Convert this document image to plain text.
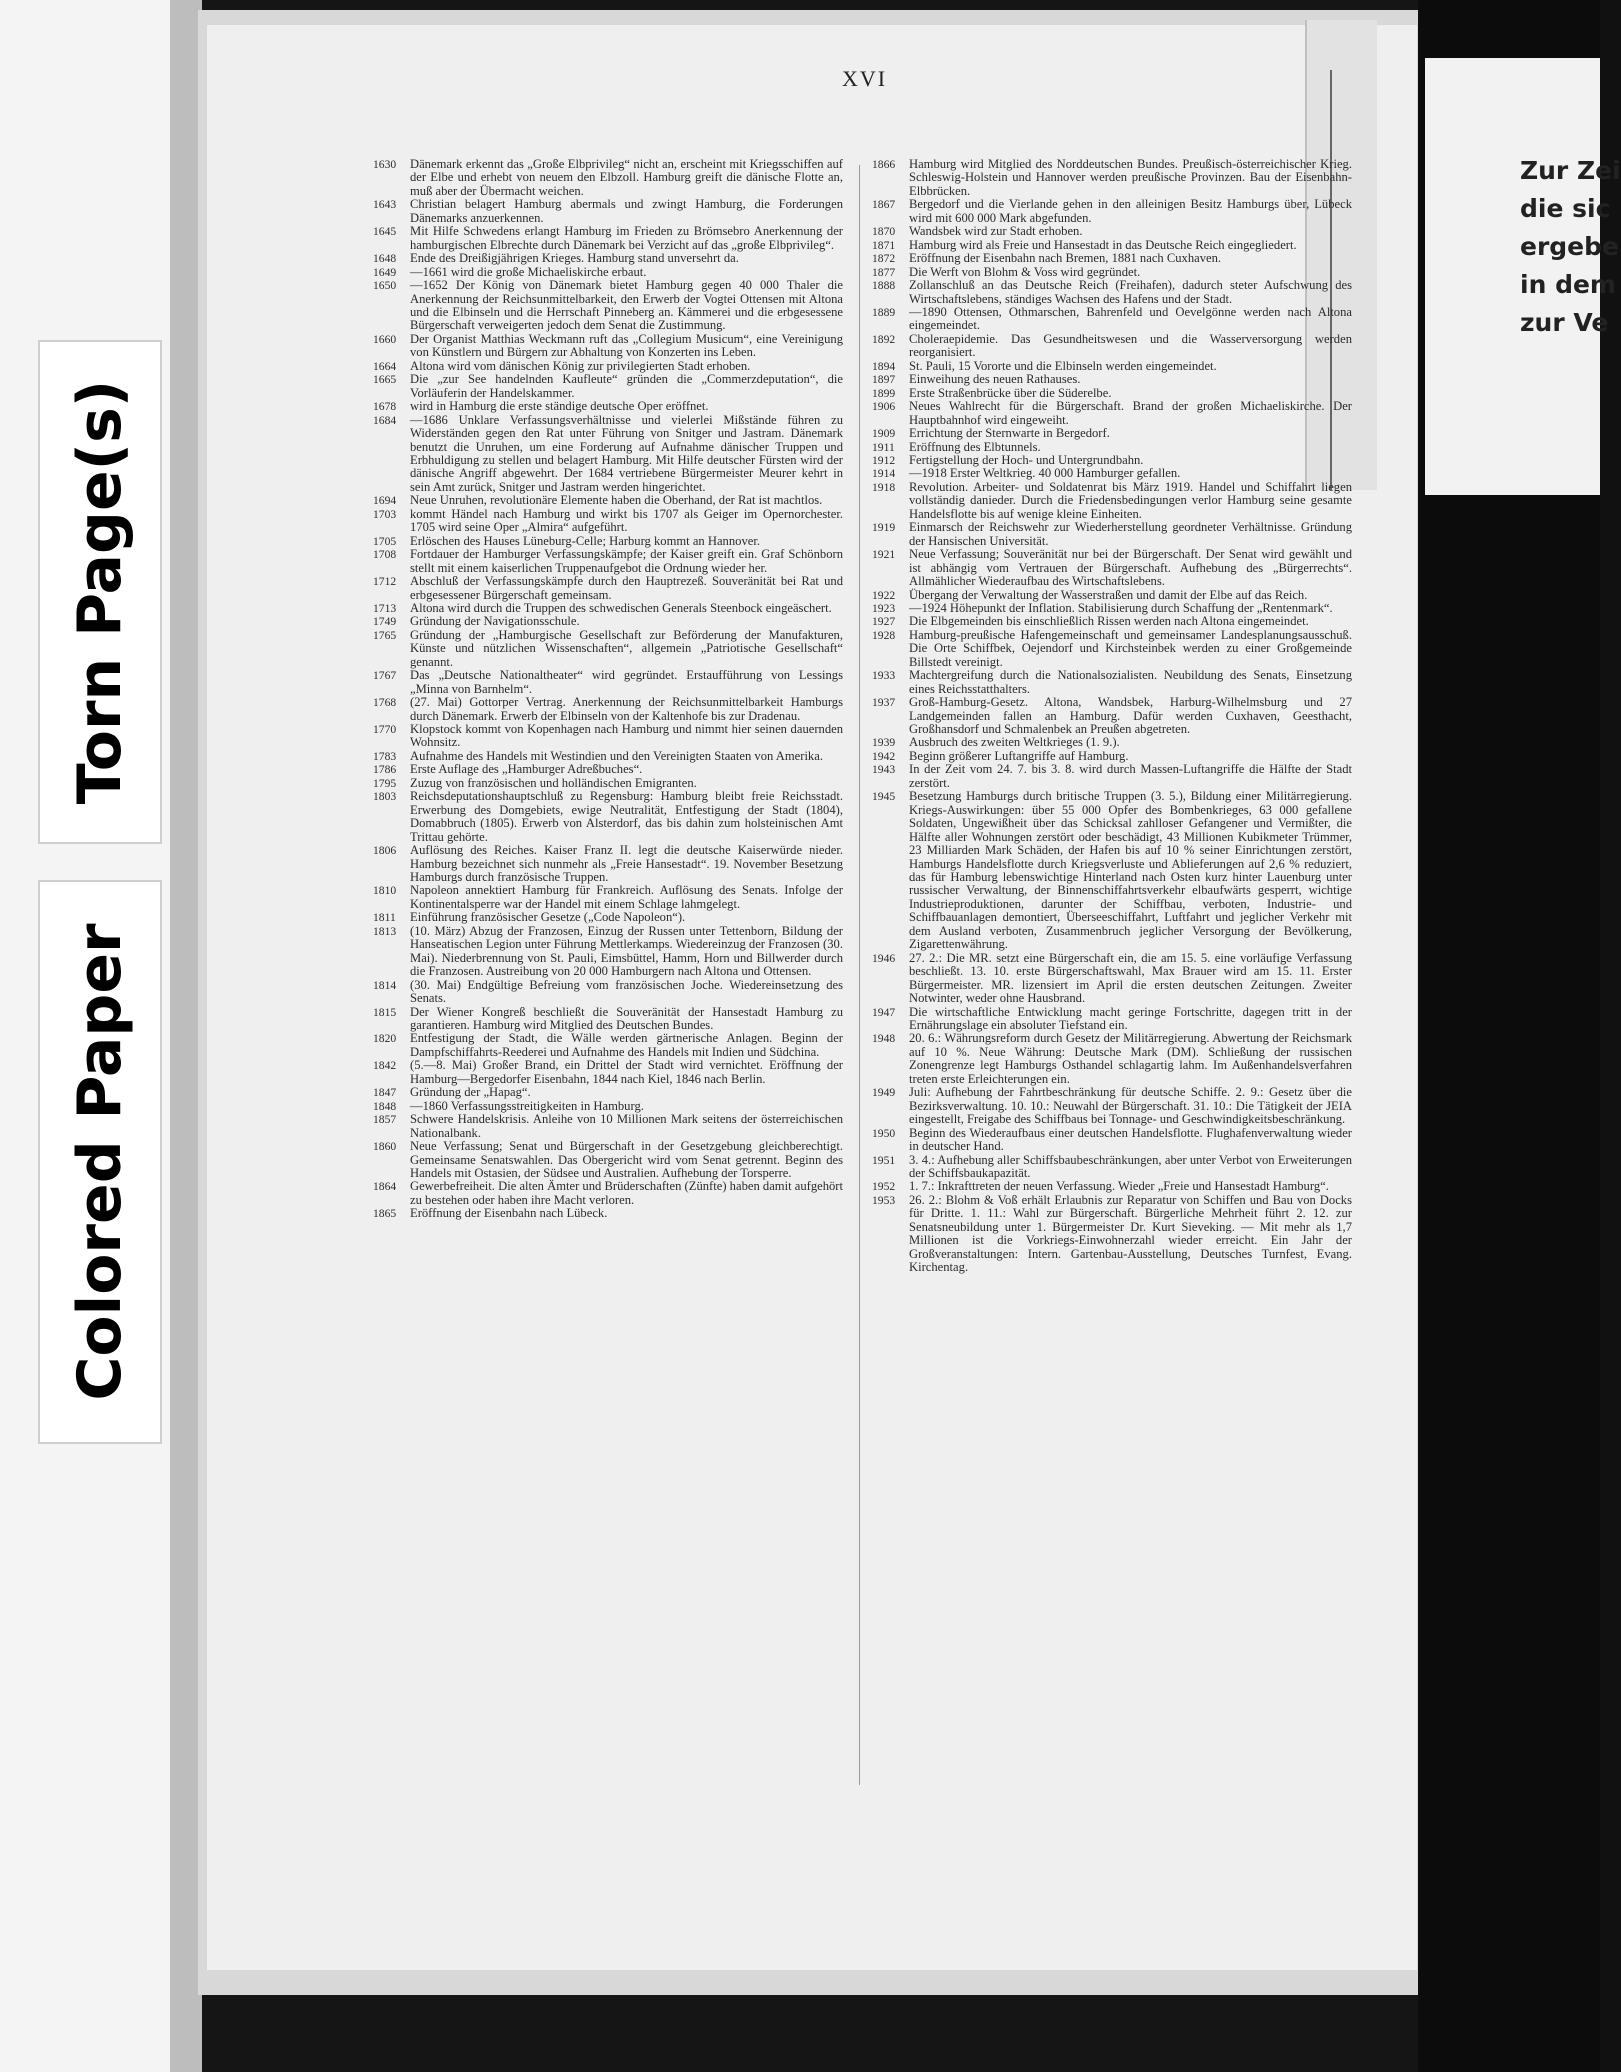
Torn Page(s)
Colored Paper
Zur Zei
die sic
ergebe
in dem
zur Ve
XVI
1630 Dänemark erkennt das „Große Elbprivileg“ nicht an, erscheint mit Kriegsschiffen auf der Elbe und erhebt von neuem den Elbzoll. Hamburg greift die dänische Flotte an, muß aber der Übermacht weichen.
1643 Christian belagert Hamburg abermals und zwingt Hamburg, die Forderungen Dänemarks anzuerkennen.
1645 Mit Hilfe Schwedens erlangt Hamburg im Frieden zu Brömsebro Anerkennung der hamburgischen Elbrechte durch Dänemark bei Verzicht auf das „große Elbprivileg“.
1648 Ende des Dreißigjährigen Krieges. Hamburg stand unversehrt da.
1649 —1661 wird die große Michaeliskirche erbaut.
1650 —1652 Der König von Dänemark bietet Hamburg gegen 40 000 Thaler die Anerkennung der Reichsunmittelbarkeit, den Erwerb der Vogtei Ottensen mit Altona und die Elbinseln und die Herrschaft Pinneberg an. Kämmerei und die erbgesessene Bürgerschaft verweigerten jedoch dem Senat die Zustimmung.
1660 Der Organist Matthias Weckmann ruft das „Collegium Musicum“, eine Vereinigung von Künstlern und Bürgern zur Abhaltung von Konzerten ins Leben.
1664 Altona wird vom dänischen König zur privilegierten Stadt erhoben.
1665 Die „zur See handelnden Kaufleute“ gründen die „Commerzdeputation“, die Vorläuferin der Handelskammer.
1678 wird in Hamburg die erste ständige deutsche Oper eröffnet.
1684 —1686 Unklare Verfassungsverhältnisse und vielerlei Mißstände führen zu Widerständen gegen den Rat unter Führung von Snitger und Jastram. Dänemark benutzt die Unruhen, um eine Forderung auf Aufnahme dänischer Truppen und Erbhuldigung zu stellen und belagert Hamburg. Mit Hilfe deutscher Fürsten wird der dänische Angriff abgewehrt. Der 1684 vertriebene Bürgermeister Meurer kehrt in sein Amt zurück, Snitger und Jastram werden hingerichtet.
1694 Neue Unruhen, revolutionäre Elemente haben die Oberhand, der Rat ist machtlos.
1703 kommt Händel nach Hamburg und wirkt bis 1707 als Geiger im Opernorchester. 1705 wird seine Oper „Almira“ aufgeführt.
1705 Erlöschen des Hauses Lüneburg-Celle; Harburg kommt an Hannover.
1708 Fortdauer der Hamburger Verfassungskämpfe; der Kaiser greift ein. Graf Schönborn stellt mit einem kaiserlichen Truppenaufgebot die Ordnung wieder her.
1712 Abschluß der Verfassungskämpfe durch den Hauptrezeß. Souveränität bei Rat und erbgesessener Bürgerschaft gemeinsam.
1713 Altona wird durch die Truppen des schwedischen Generals Steenbock eingeäschert.
1749 Gründung der Navigationsschule.
1765 Gründung der „Hamburgische Gesellschaft zur Beförderung der Manufakturen, Künste und nützlichen Wissenschaften“, allgemein „Patriotische Gesellschaft“ genannt.
1767 Das „Deutsche Nationaltheater“ wird gegründet. Erstaufführung von Lessings „Minna von Barnhelm“.
1768 (27. Mai) Gottorper Vertrag. Anerkennung der Reichsunmittelbarkeit Hamburgs durch Dänemark. Erwerb der Elbinseln von der Kaltenhofe bis zur Dradenau.
1770 Klopstock kommt von Kopenhagen nach Hamburg und nimmt hier seinen dauernden Wohnsitz.
1783 Aufnahme des Handels mit Westindien und den Vereinigten Staaten von Amerika.
1786 Erste Auflage des „Hamburger Adreßbuches“.
1795 Zuzug von französischen und holländischen Emigranten.
1803 Reichsdeputationshauptschluß zu Regensburg: Hamburg bleibt freie Reichsstadt. Erwerbung des Domgebiets, ewige Neutralität, Entfestigung der Stadt (1804), Domabbruch (1805). Erwerb von Alsterdorf, das bis dahin zum holsteinischen Amt Trittau gehörte.
1806 Auflösung des Reiches. Kaiser Franz II. legt die deutsche Kaiserwürde nieder. Hamburg bezeichnet sich nunmehr als „Freie Hansestadt“. 19. November Besetzung Hamburgs durch französische Truppen.
1810 Napoleon annektiert Hamburg für Frankreich. Auflösung des Senats. Infolge der Kontinentalsperre war der Handel mit einem Schlage lahmgelegt.
1811 Einführung französischer Gesetze („Code Napoleon“).
1813 (10. März) Abzug der Franzosen, Einzug der Russen unter Tettenborn, Bildung der Hanseatischen Legion unter Führung Mettlerkamps. Wiedereinzug der Franzosen (30. Mai). Niederbrennung von St. Pauli, Eimsbüttel, Hamm, Horn und Billwerder durch die Franzosen. Austreibung von 20 000 Hamburgern nach Altona und Ottensen.
1814 (30. Mai) Endgültige Befreiung vom französischen Joche. Wiedereinsetzung des Senats.
1815 Der Wiener Kongreß beschließt die Souveränität der Hansestadt Hamburg zu garantieren. Hamburg wird Mitglied des Deutschen Bundes.
1820 Entfestigung der Stadt, die Wälle werden gärtnerische Anlagen. Beginn der Dampfschiffahrts-Reederei und Aufnahme des Handels mit Indien und Südchina.
1842 (5.—8. Mai) Großer Brand, ein Drittel der Stadt wird vernichtet. Eröffnung der Hamburg—Bergedorfer Eisenbahn, 1844 nach Kiel, 1846 nach Berlin.
1847 Gründung der „Hapag“.
1848 —1860 Verfassungsstreitigkeiten in Hamburg.
1857 Schwere Handelskrisis. Anleihe von 10 Millionen Mark seitens der österreichischen Nationalbank.
1860 Neue Verfassung; Senat und Bürgerschaft in der Gesetzgebung gleichberechtigt. Gemeinsame Senatswahlen. Das Obergericht wird vom Senat getrennt. Beginn des Handels mit Ostasien, der Südsee und Australien. Aufhebung der Torsperre.
1864 Gewerbefreiheit. Die alten Ämter und Brüderschaften (Zünfte) haben damit aufgehört zu bestehen oder haben ihre Macht verloren.
1865 Eröffnung der Eisenbahn nach Lübeck.
1866 Hamburg wird Mitglied des Norddeutschen Bundes. Preußisch-österreichischer Krieg. Schleswig-Holstein und Hannover werden preußische Provinzen. Bau der Eisenbahn-Elbbrücken.
1867 Bergedorf und die Vierlande gehen in den alleinigen Besitz Hamburgs über, Lübeck wird mit 600 000 Mark abgefunden.
1870 Wandsbek wird zur Stadt erhoben.
1871 Hamburg wird als Freie und Hansestadt in das Deutsche Reich eingegliedert.
1872 Eröffnung der Eisenbahn nach Bremen, 1881 nach Cuxhaven.
1877 Die Werft von Blohm & Voss wird gegründet.
1888 Zollanschluß an das Deutsche Reich (Freihafen), dadurch steter Aufschwung des Wirtschaftslebens, ständiges Wachsen des Hafens und der Stadt.
1889 —1890 Ottensen, Othmarschen, Bahrenfeld und Oevelgönne werden nach Altona eingemeindet.
1892 Choleraepidemie. Das Gesundheitswesen und die Wasserversorgung werden reorganisiert.
1894 St. Pauli, 15 Vororte und die Elbinseln werden eingemeindet.
1897 Einweihung des neuen Rathauses.
1899 Erste Straßenbrücke über die Süderelbe.
1906 Neues Wahlrecht für die Bürgerschaft. Brand der großen Michaeliskirche. Der Hauptbahnhof wird eingeweiht.
1909 Errichtung der Sternwarte in Bergedorf.
1911 Eröffnung des Elbtunnels.
1912 Fertigstellung der Hoch- und Untergrundbahn.
1914 —1918 Erster Weltkrieg. 40 000 Hamburger gefallen.
1918 Revolution. Arbeiter- und Soldatenrat bis März 1919. Handel und Schiffahrt liegen vollständig danieder. Durch die Friedensbedingungen verlor Hamburg seine gesamte Handelsflotte bis auf wenige kleine Einheiten.
1919 Einmarsch der Reichswehr zur Wiederherstellung geordneter Verhältnisse. Gründung der Hansischen Universität.
1921 Neue Verfassung; Souveränität nur bei der Bürgerschaft. Der Senat wird gewählt und ist abhängig vom Vertrauen der Bürgerschaft. Aufhebung des „Bürgerrechts“. Allmählicher Wiederaufbau des Wirtschaftslebens.
1922 Übergang der Verwaltung der Wasserstraßen und damit der Elbe auf das Reich.
1923 —1924 Höhepunkt der Inflation. Stabilisierung durch Schaffung der „Rentenmark“.
1927 Die Elbgemeinden bis einschließlich Rissen werden nach Altona eingemeindet.
1928 Hamburg-preußische Hafengemeinschaft und gemeinsamer Landesplanungsausschuß. Die Orte Schiffbek, Oejendorf und Kirchsteinbek werden zu einer Großgemeinde Billstedt vereinigt.
1933 Machtergreifung durch die Nationalsozialisten. Neubildung des Senats, Einsetzung eines Reichsstatthalters.
1937 Groß-Hamburg-Gesetz. Altona, Wandsbek, Harburg-Wilhelmsburg und 27 Landgemeinden fallen an Hamburg. Dafür werden Cuxhaven, Geesthacht, Großhansdorf und Schmalenbek an Preußen abgetreten.
1939 Ausbruch des zweiten Weltkrieges (1. 9.).
1942 Beginn größerer Luftangriffe auf Hamburg.
1943 In der Zeit vom 24. 7. bis 3. 8. wird durch Massen-Luftangriffe die Hälfte der Stadt zerstört.
1945 Besetzung Hamburgs durch britische Truppen (3. 5.), Bildung einer Militärregierung. Kriegs-Auswirkungen: über 55 000 Opfer des Bombenkrieges, 63 000 gefallene Soldaten, Ungewißheit über das Schicksal zahlloser Gefangener und Vermißter, die Hälfte aller Wohnungen zerstört oder beschädigt, 43 Millionen Kubikmeter Trümmer, 23 Milliarden Mark Schäden, der Hafen bis auf 10 % seiner Einrichtungen zerstört, Hamburgs Handelsflotte durch Kriegsverluste und Ablieferungen auf 2,6 % reduziert, das für Hamburg lebenswichtige Hinterland nach Osten kurz hinter Lauenburg unter russischer Verwaltung, der Binnenschiffahrtsverkehr elbaufwärts gesperrt, wichtige Industrieproduktionen, darunter der Schiffbau, verboten, Industrie- und Schiffbauanlagen demontiert, Überseeschiffahrt, Luftfahrt und jeglicher Verkehr mit dem Ausland verboten, Zusammenbruch jeglicher Versorgung der Bevölkerung, Zigarettenwährung.
1946 27. 2.: Die MR. setzt eine Bürgerschaft ein, die am 15. 5. eine vorläufige Verfassung beschließt. 13. 10. erste Bürgerschaftswahl, Max Brauer wird am 15. 11. Erster Bürgermeister. MR. lizensiert im April die ersten deutschen Zeitungen. Zweiter Notwinter, weder ohne Hausbrand.
1947 Die wirtschaftliche Entwicklung macht geringe Fortschritte, dagegen tritt in der Ernährungslage ein absoluter Tiefstand ein.
1948 20. 6.: Währungsreform durch Gesetz der Militärregierung. Abwertung der Reichsmark auf 10 %. Neue Währung: Deutsche Mark (DM). Schließung der russischen Zonengrenze legt Hamburgs Osthandel schlagartig lahm. Im Außenhandelsverfahren treten erste Erleichterungen ein.
1949 Juli: Aufhebung der Fahrtbeschränkung für deutsche Schiffe. 2. 9.: Gesetz über die Bezirksverwaltung. 10. 10.: Neuwahl der Bürgerschaft. 31. 10.: Die Tätigkeit der JEIA eingestellt, Freigabe des Schiffbaus bei Tonnage- und Geschwindigkeitsbeschränkung.
1950 Beginn des Wiederaufbaus einer deutschen Handelsflotte. Flughafenverwaltung wieder in deutscher Hand.
1951 3. 4.: Aufhebung aller Schiffsbaubeschränkungen, aber unter Verbot von Erweiterungen der Schiffsbaukapazität.
1952 1. 7.: Inkrafttreten der neuen Verfassung. Wieder „Freie und Hansestadt Hamburg“.
1953 26. 2.: Blohm & Voß erhält Erlaubnis zur Reparatur von Schiffen und Bau von Docks für Dritte. 1. 11.: Wahl zur Bürgerschaft. Bürgerliche Mehrheit führt 2. 12. zur Senatsneubildung unter 1. Bürgermeister Dr. Kurt Sieveking. — Mit mehr als 1,7 Millionen ist die Vorkriegs-Einwohnerzahl wieder erreicht. Ein Jahr der Großveranstaltungen: Intern. Gartenbau-Ausstellung, Deutsches Turnfest, Evang. Kirchentag.
